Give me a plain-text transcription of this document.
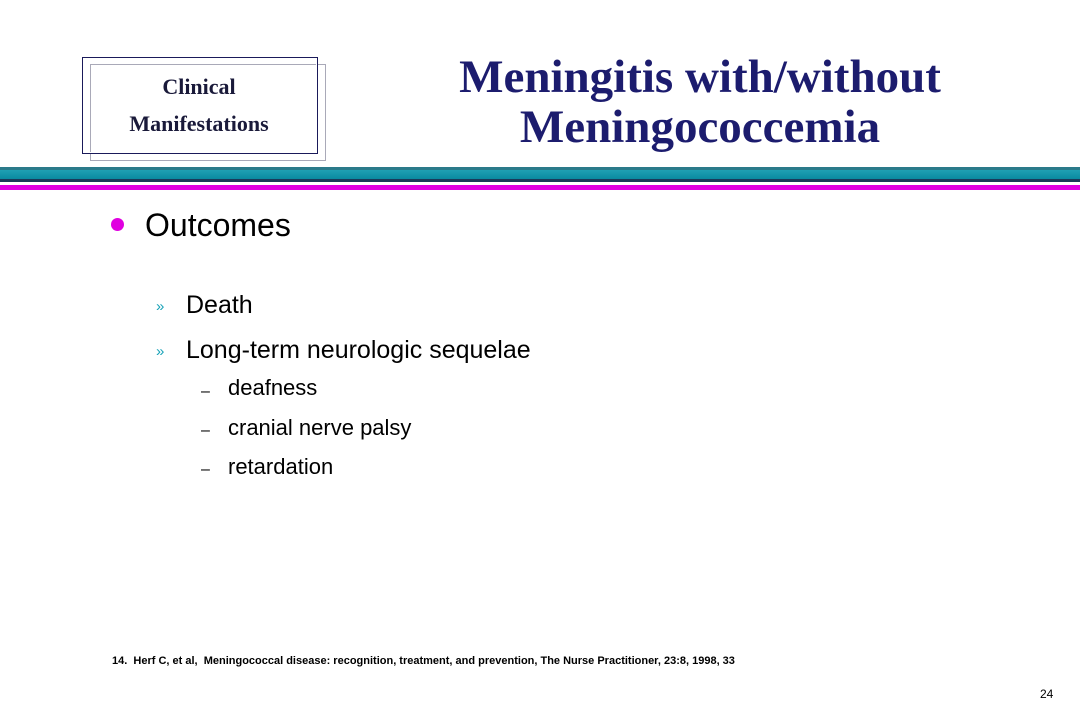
Clinical
Manifestations
Meningitis with/without
Meningococcemia
Outcomes
» Death
» Long-term neurologic sequelae
– deafness
– cranial nerve palsy
– retardation
14.  Herf C, et al,  Meningococcal disease: recognition, treatment, and prevention, The Nurse Practitioner, 23:8, 1998, 33
24
